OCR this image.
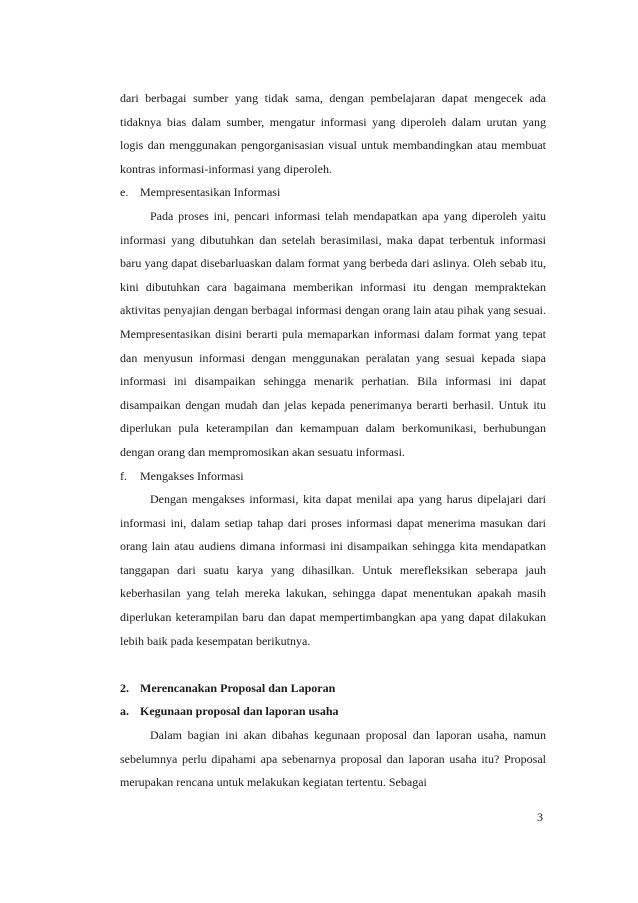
dari berbagai sumber yang tidak sama, dengan pembelajaran dapat mengecek ada tidaknya bias dalam sumber, mengatur informasi yang diperoleh dalam urutan yang logis dan menggunakan pengorganisasian visual untuk membandingkan atau membuat kontras informasi-informasi yang diperoleh.

e. Mempresentasikan Informasi

Pada proses ini, pencari informasi telah mendapatkan apa yang diperoleh yaitu informasi yang dibutuhkan dan setelah berasimilasi, maka dapat terbentuk informasi baru yang dapat disebarluaskan dalam format yang berbeda dari aslinya. Oleh sebab itu, kini dibutuhkan cara bagaimana memberikan informasi itu dengan mempraktekan aktivitas penyajian dengan berbagai informasi dengan orang lain atau pihak yang sesuai. Mempresentasikan disini berarti pula memaparkan informasi dalam format yang tepat dan menyusun informasi dengan menggunakan peralatan yang sesuai kepada siapa informasi ini disampaikan sehingga menarik perhatian. Bila informasi ini dapat disampaikan dengan mudah dan jelas kepada penerimanya berarti berhasil. Untuk itu diperlukan pula keterampilan dan kemampuan dalam berkomunikasi, berhubungan dengan orang dan mempromosikan akan sesuatu informasi.

f. Mengakses Informasi

Dengan mengakses informasi, kita dapat menilai apa yang harus dipelajari dari informasi ini, dalam setiap tahap dari proses informasi dapat menerima masukan dari orang lain atau audiens dimana informasi ini disampaikan sehingga kita mendapatkan tanggapan dari suatu karya yang dihasilkan. Untuk merefleksikan seberapa jauh keberhasilan yang telah mereka lakukan, sehingga dapat menentukan apakah masih diperlukan keterampilan baru dan dapat mempertimbangkan apa yang dapat dilakukan lebih baik pada kesempatan berikutnya.

2. Merencanakan Proposal dan Laporan
a. Kegunaan proposal dan laporan usaha

Dalam bagian ini akan dibahas kegunaan proposal dan laporan usaha, namun sebelumnya perlu dipahami apa sebenarnya proposal dan laporan usaha itu? Proposal merupakan rencana untuk melakukan kegiatan tertentu. Sebagai

3
